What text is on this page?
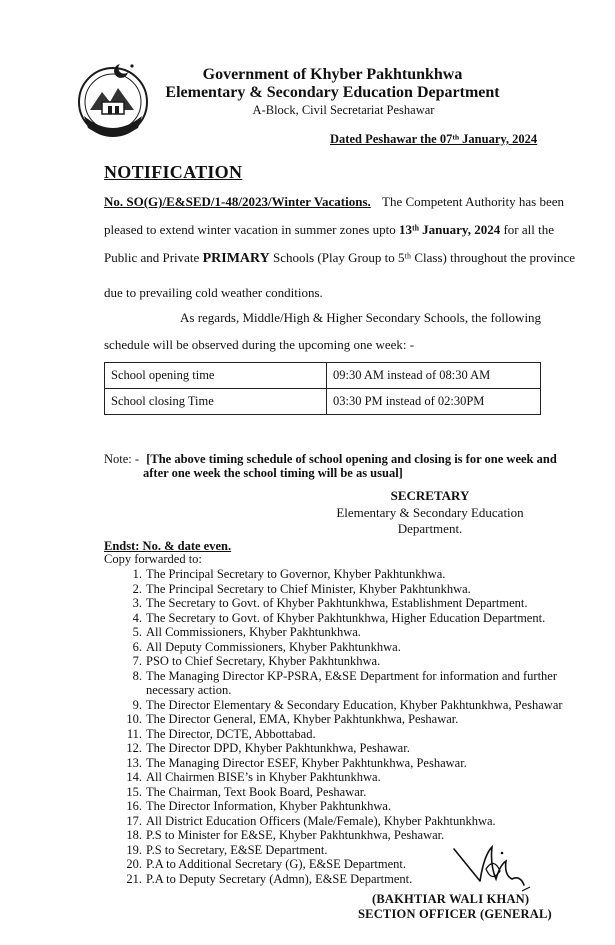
Government of Khyber Pakhtunkhwa
Elementary & Secondary Education Department
A-Block, Civil Secretariat Peshawar
Dated Peshawar the 07ᵗʰ January, 2024
NOTIFICATION
No. SO(G)/E&SED/1-48/2023/Winter Vacations. The Competent Authority has been
pleased to extend winter vacation in summer zones upto 13ᵗʰ January, 2024 for all the
Public and Private PRIMARY Schools (Play Group to 5ᵗʰ Class) throughout the province
due to prevailing cold weather conditions.
As regards, Middle/High & Higher Secondary Schools, the following
schedule will be observed during the upcoming one week: -
School opening time	09:30 AM instead of 08:30 AM
School closing Time	03:30 PM instead of 02:30PM
Note: - [The above timing schedule of school opening and closing is for one week and
after one week the school timing will be as usual]
SECRETARY
Elementary & Secondary Education
Department.
Endst: No. & date even.
Copy forwarded to:
1. The Principal Secretary to Governor, Khyber Pakhtunkhwa.
2. The Principal Secretary to Chief Minister, Khyber Pakhtunkhwa.
3. The Secretary to Govt. of Khyber Pakhtunkhwa, Establishment Department.
4. The Secretary to Govt. of Khyber Pakhtunkhwa, Higher Education Department.
5. All Commissioners, Khyber Pakhtunkhwa.
6. All Deputy Commissioners, Khyber Pakhtunkhwa.
7. PSO to Chief Secretary, Khyber Pakhtunkhwa.
8. The Managing Director KP-PSRA, E&SE Department for information and further necessary action.
9. The Director Elementary & Secondary Education, Khyber Pakhtunkhwa, Peshawar
10. The Director General, EMA, Khyber Pakhtunkhwa, Peshawar.
11. The Director, DCTE, Abbottabad.
12. The Director DPD, Khyber Pakhtunkhwa, Peshawar.
13. The Managing Director ESEF, Khyber Pakhtunkhwa, Peshawar.
14. All Chairmen BISE’s in Khyber Pakhtunkhwa.
15. The Chairman, Text Book Board, Peshawar.
16. The Director Information, Khyber Pakhtunkhwa.
17. All District Education Officers (Male/Female), Khyber Pakhtunkhwa.
18. P.S to Minister for E&SE, Khyber Pakhtunkhwa, Peshawar.
19. P.S to Secretary, E&SE Department.
20. P.A to Additional Secretary (G), E&SE Department.
21. P.A to Deputy Secretary (Admn), E&SE Department.
(BAKHTIAR WALI KHAN)
SECTION OFFICER (GENERAL)
